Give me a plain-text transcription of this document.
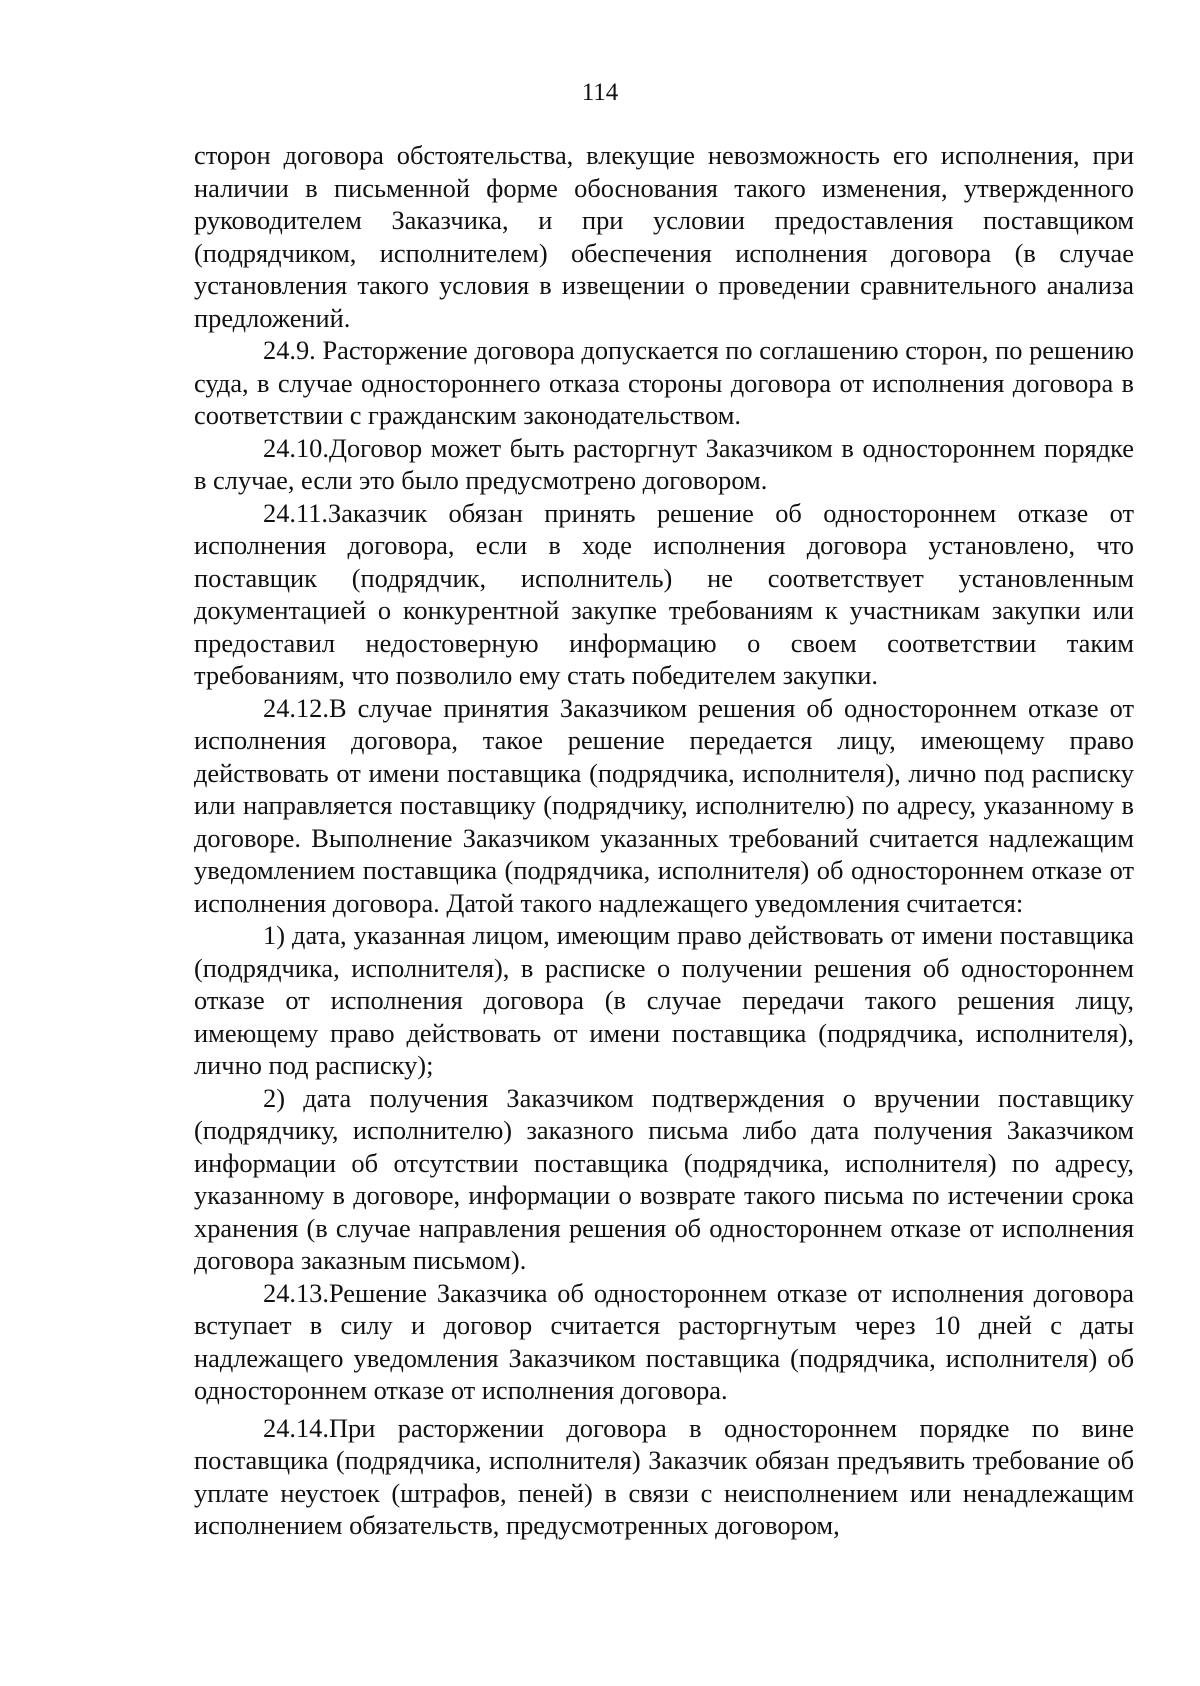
114

сторон договора обстоятельства, влекущие невозможность его исполнения, при наличии в письменной форме обоснования такого изменения, утвержденного руководителем Заказчика, и при условии предоставления поставщиком (подрядчиком, исполнителем) обеспечения исполнения договора (в случае установления такого условия в извещении о проведении сравнительного анализа предложений.

24.9. Расторжение договора допускается по соглашению сторон, по решению суда, в случае одностороннего отказа стороны договора от исполнения договора в соответствии с гражданским законодательством.

24.10.Договор может быть расторгнут Заказчиком в одностороннем порядке в случае, если это было предусмотрено договором.

24.11.Заказчик обязан принять решение об одностороннем отказе от исполнения договора, если в ходе исполнения договора установлено, что поставщик (подрядчик, исполнитель) не соответствует установленным документацией о конкурентной закупке требованиям к участникам закупки или предоставил недостоверную информацию о своем соответствии таким требованиям, что позволило ему стать победителем закупки.

24.12.В случае принятия Заказчиком решения об одностороннем отказе от исполнения договора, такое решение передается лицу, имеющему право действовать от имени поставщика (подрядчика, исполнителя), лично под расписку или направляется поставщику (подрядчику, исполнителю) по адресу, указанному в договоре. Выполнение Заказчиком указанных требований считается надлежащим уведомлением поставщика (подрядчика, исполнителя) об одностороннем отказе от исполнения договора. Датой такого надлежащего уведомления считается:

1) дата, указанная лицом, имеющим право действовать от имени поставщика (подрядчика, исполнителя), в расписке о получении решения об одностороннем отказе от исполнения договора (в случае передачи такого решения лицу, имеющему право действовать от имени поставщика (подрядчика, исполнителя), лично под расписку);

2) дата получения Заказчиком подтверждения о вручении поставщику (подрядчику, исполнителю) заказного письма либо дата получения Заказчиком информации об отсутствии поставщика (подрядчика, исполнителя) по адресу, указанному в договоре, информации о возврате такого письма по истечении срока хранения (в случае направления решения об одностороннем отказе от исполнения договора заказным письмом).

24.13.Решение Заказчика об одностороннем отказе от исполнения договора вступает в силу и договор считается расторгнутым через 10 дней с даты надлежащего уведомления Заказчиком поставщика (подрядчика, исполнителя) об одностороннем отказе от исполнения договора.

24.14.При расторжении договора в одностороннем порядке по вине поставщика (подрядчика, исполнителя) Заказчик обязан предъявить требование об уплате неустоек (штрафов, пеней) в связи с неисполнением или ненадлежащим исполнением обязательств, предусмотренных договором,
